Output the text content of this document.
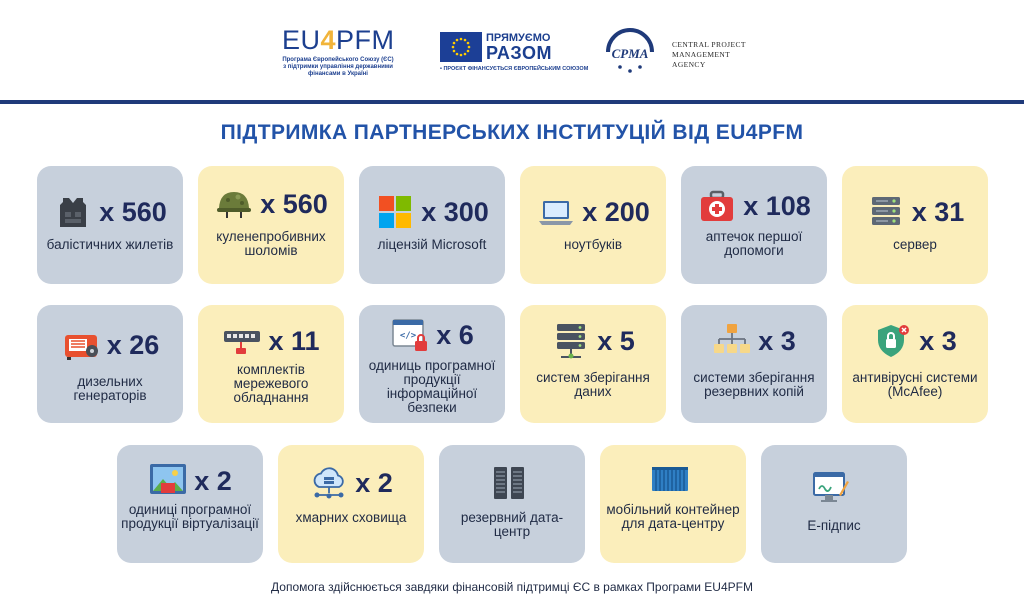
EU4PFM
Програма Європейського Союзу (ЄС) з підтримки управління державними фінансами в Україні
ПРЯМУЄМО
РАЗОМ
• ПРОЄКТ ФІНАНСУЄТЬСЯ ЄВРОПЕЙСЬКИМ СОЮЗОМ
CPMA
CENTRAL PROJECT
MANAGEMENT
AGENCY
ПІДТРИМКА ПАРТНЕРСЬКИХ ІНСТИТУЦІЙ ВІД EU4PFM
x 560
балістичних жилетів
x 560
куленепробивних шоломів
x 300
ліцензій Microsoft
x 200
ноутбуків
x 108
аптечок першої допомоги
x 31
сервер
x 26
дизельних генераторів
x 11
комплектів мережевого обладнання
</> x 6
одиниць програмної продукції інформаційної безпеки
x 5
систем зберігання даних
x 3
системи зберігання резервних копій
x 3
антивірусні системи (McAfee)
x 2
одиниці програмної продукції віртуалізації
x 2
хмарних сховища	резервний дата-центр
мобільний контейнер для дата-центру	Е-підпис
Допомога здійснюється завдяки фінансовій підтримці ЄС в рамках Програми EU4PFM
